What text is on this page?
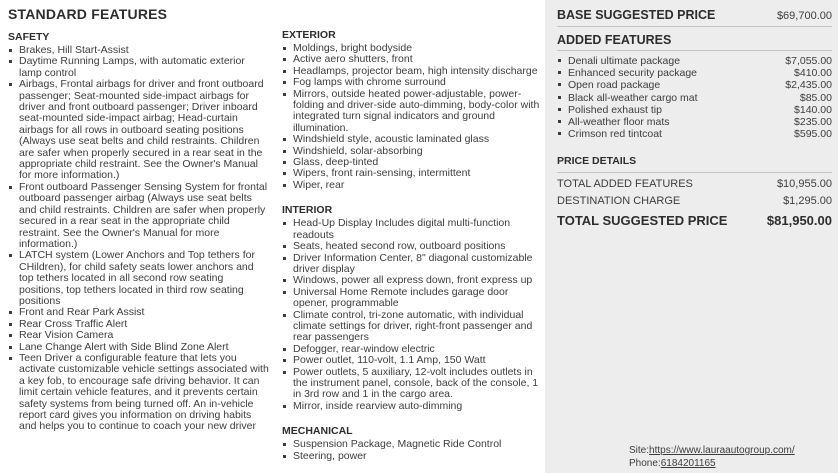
STANDARD FEATURES
SAFETY
Brakes, Hill Start-Assist
Daytime Running Lamps, with automatic exterior lamp control
Airbags, Frontal airbags for driver and front outboard passenger; Seat-mounted side-impact airbags for driver and front outboard passenger; Driver inboard seat-mounted side-impact airbag; Head-curtain airbags for all rows in outboard seating positions (Always use seat belts and child restraints. Children are safer when properly secured in a rear seat in the appropriate child restraint. See the Owner's Manual for more information.)
Front outboard Passenger Sensing System for frontal outboard passenger airbag (Always use seat belts and child restraints. Children are safer when properly secured in a rear seat in the appropriate child restraint. See the Owner's Manual for more information.)
LATCH system (Lower Anchors and Top tethers for CHildren), for child safety seats lower anchors and top tethers located in all second row seating positions, top tethers located in third row seating positions
Front and Rear Park Assist
Rear Cross Traffic Alert
Rear Vision Camera
Lane Change Alert with Side Blind Zone Alert
Teen Driver a configurable feature that lets you activate customizable vehicle settings associated with a key fob, to encourage safe driving behavior. It can limit certain vehicle features, and it prevents certain safety systems from being turned off. An in-vehicle report card gives you information on driving habits and helps you to continue to coach your new driver
EXTERIOR
Moldings, bright bodyside
Active aero shutters, front
Headlamps, projector beam, high intensity discharge
Fog lamps with chrome surround
Mirrors, outside heated power-adjustable, power-folding and driver-side auto-dimming, body-color with integrated turn signal indicators and ground illumination.
Windshield style, acoustic laminated glass
Windshield, solar-absorbing
Glass, deep-tinted
Wipers, front rain-sensing, intermittent
Wiper, rear
INTERIOR
Head-Up Display Includes digital multi-function readouts
Seats, heated second row, outboard positions
Driver Information Center, 8" diagonal customizable driver display
Windows, power all express down, front express up
Universal Home Remote includes garage door opener, programmable
Climate control, tri-zone automatic, with individual climate settings for driver, right-front passenger and rear passengers
Defogger, rear-window electric
Power outlet, 110-volt, 1.1 Amp, 150 Watt
Power outlets, 5 auxiliary, 12-volt includes outlets in the instrument panel, console, back of the console, 1 in 3rd row and 1 in the cargo area.
Mirror, inside rearview auto-dimming
MECHANICAL
Suspension Package, Magnetic Ride Control
Steering, power
BASE SUGGESTED PRICE	$69,700.00
ADDED FEATURES
Denali ultimate package	$7,055.00
Enhanced security package	$410.00
Open road package	$2,435.00
Black all-weather cargo mat	$85.00
Polished exhaust tip	$140.00
All-weather floor mats	$235.00
Crimson red tintcoat	$595.00
PRICE DETAILS
TOTAL ADDED FEATURES	$10,955.00
DESTINATION CHARGE	$1,295.00
TOTAL SUGGESTED PRICE	$81,950.00
Site:https://www.lauraautogroup.com/
Phone:6184201165
